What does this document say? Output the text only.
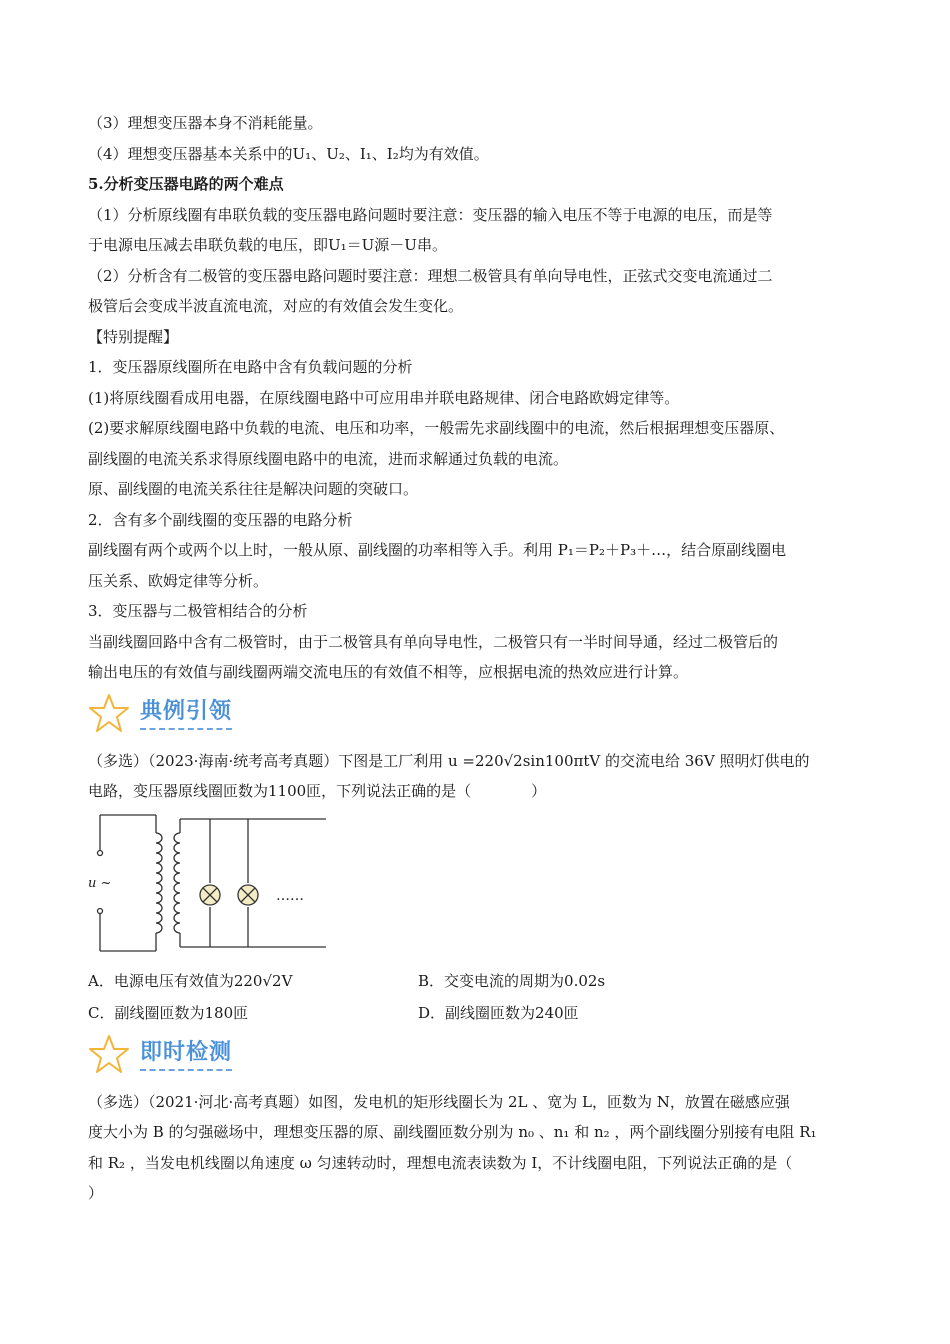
（3）理想变压器本身不消耗能量。

（4）理想变压器基本关系中的U₁、U₂、I₁、I₂均为有效值。

5.分析变压器电路的两个难点

（1）分析原线圈有串联负载的变压器电路问题时要注意：变压器的输入电压不等于电源的电压，而是等

于电源电压减去串联负载的电压，即U₁＝U源－U串。

（2）分析含有二极管的变压器电路问题时要注意：理想二极管具有单向导电性，正弦式交变电流通过二

极管后会变成半波直流电流，对应的有效值会发生变化。

【特别提醒】

1．变压器原线圈所在电路中含有负载问题的分析

(1)将原线圈看成用电器，在原线圈电路中可应用串并联电路规律、闭合电路欧姆定律等。

(2)要求解原线圈电路中负载的电流、电压和功率，一般需先求副线圈中的电流，然后根据理想变压器原、

副线圈的电流关系求得原线圈电路中的电流，进而求解通过负载的电流。

原、副线圈的电流关系往往是解决问题的突破口。

2．含有多个副线圈的变压器的电路分析

副线圈有两个或两个以上时，一般从原、副线圈的功率相等入手。利用 P₁＝P₂＋P₃＋…，结合原副线圈电

压关系、欧姆定律等分析。

3．变压器与二极管相结合的分析

当副线圈回路中含有二极管时，由于二极管具有单向导电性，二极管只有一半时间导通，经过二极管后的

输出电压的有效值与副线圈两端交流电压的有效值不相等，应根据电流的热效应进行计算。

典例引领

（多选）（2023·海南·统考高考真题）下图是工厂利用 u =220√2sin100πtV 的交流电给 36V 照明灯供电的

电路，变压器原线圈匝数为1100匝，下列说法正确的是（　　　　）

u ~
……

A．电源电压有效值为220√2V	B．交变电流的周期为0.02s

C．副线圈匝数为180匝	D．副线圈匝数为240匝

即时检测

（多选）（2021·河北·高考真题）如图，发电机的矩形线圈长为 2L 、宽为 L，匝数为 N，放置在磁感应强

度大小为 B 的匀强磁场中，理想变压器的原、副线圈匝数分别为 n₀ 、n₁ 和 n₂ ，两个副线圈分别接有电阻 R₁

和 R₂ ，当发电机线圈以角速度 ω 匀速转动时，理想电流表读数为 I，不计线圈电阻，下列说法正确的是（

）
